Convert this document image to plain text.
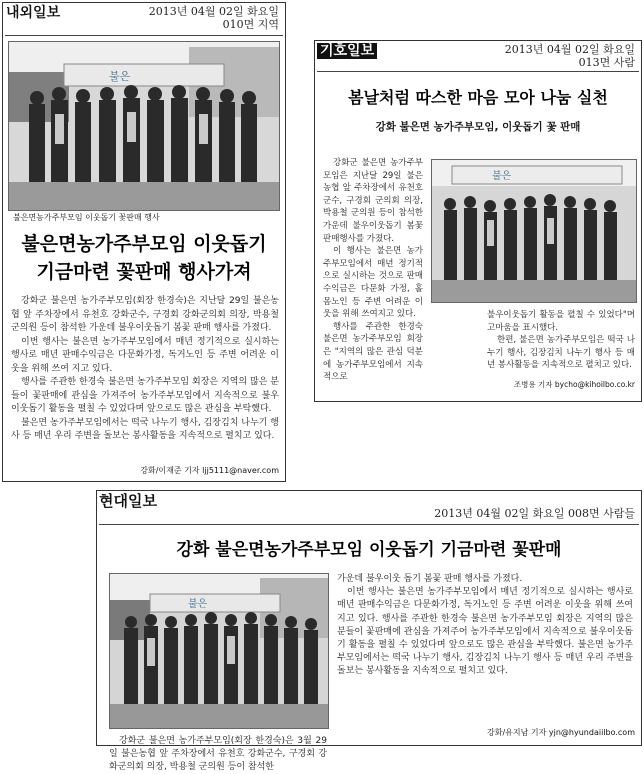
내외일보	2013년 04월 02일 화요일
010면 지역
불은
불은면농가주부모임 이웃돕기 꽃판매 행사
불은면농가주부모임 이웃돕기
기금마련 꽃판매 행사가져

강화군 불은면 농가주부모임(회장 한경숙)은 지난달 29일 불은농협 앞 주차장에서 유천호 강화군수, 구경회 강화군의회 의장, 박용철 군의원 등이 참석한 가운데 불우이웃돕기 봄꽃 판매 행사를 가졌다.

이번 행사는 불은면 농가주부모임에서 매년 정기적으로 실시하는 행사로 매년 판매수익금은 다문화가정, 독거노인 등 주변 어려운 이웃을 위해 쓰여 지고 있다.

행사를 주관한 한경숙 불은면 농가주부모임 회장은 지역의 많은 분들이 꽃판매에 관심을 가져주어 농가주부모임에서 지속적으로 불우이웃돕기 활동을 펼칠 수 있었다며 앞으로도 많은 관심을 부탁했다.

불은면 농가주부모임에서는 떡국 나누기 행사, 김장김치 나누기 행사 등 매년 우리 주변을 돌보는 봉사활동을 지속적으로 펼치고 있다.

강화/이재준 기자 ljj5111@naver.com
기호일보	2013년 04월 02일 화요일
013면 사람
봄날처럼 따스한 마음 모아 나눔 실천
강화 불은면 농가주부모임, 이웃돕기 꽃 판매

강화군 불은면 농가주부모임은 지난달 29일 불은농협 앞 주차장에서 유천호 군수, 구경회 군의회 의장, 박용철 군의원 등이 참석한 가운데 불우이웃돕기 봄꽃 판매행사를 가졌다.

이 행사는 불은면 농가주부모임에서 매년 정기적으로 실시하는 것으로 판매수익금은 다문화 가정, 홀몸노인 등 주변 어려운 이웃을 위해 쓰여지고 있다.

행사를 주관한 한경숙 불은면 농가주부모임 회장은 "지역의 많은 관심 덕분에 농가주부모임에서 지속적으로

불은

불우이웃돕기 활동을 펼칠 수 있었다"며 고마움을 표시했다.

한편, 불은면 농가주부모임은 떡국 나누기 행사, 김장김치 나누기 행사 등 매년 봉사활동을 지속적으로 펼치고 있다.

조병용 기자 bycho@kihoilbo.co.kr
현대일보
2013년 04월 02일 화요일 008면 사람들
강화 불은면농가주부모임 이웃돕기 기금마련 꽃판매
불은

강화군 불은면 농가주부모임(회장 한경숙)은 3월 29일 불은농협 앞 주차장에서 유천호 강화군수, 구경회 강화군의회 의장, 박용철 군의원 등이 참석한

가운데 불우이웃 돕기 봄꽃 판매 행사를 가졌다.

이번 행사는 불은면 농가주부모임에서 매년 정기적으로 실시하는 행사로 매년 판매수익금은 다문화가정, 독거노인 등 주변 어려운 이웃을 위해 쓰여 지고 있다. 행사를 주관한 한경숙 불은면 농가주부모임 회장은 지역의 많은 분들이 꽃판매에 관심을 가져주어 농가주부모임에서 지속적으로 불우이웃돕기 활동을 펼칠 수 있었다며 앞으로도 많은 관심을 부탁했다. 불은면 농가주부모임에서는 떡국 나누기 행사, 김장김치 나누기 행사 등 매년 우리 주변을 돌보는 봉사활동을 지속적으로 펼치고 있다.

강화/유지남 기자 yjn@hyundaiilbo.com
